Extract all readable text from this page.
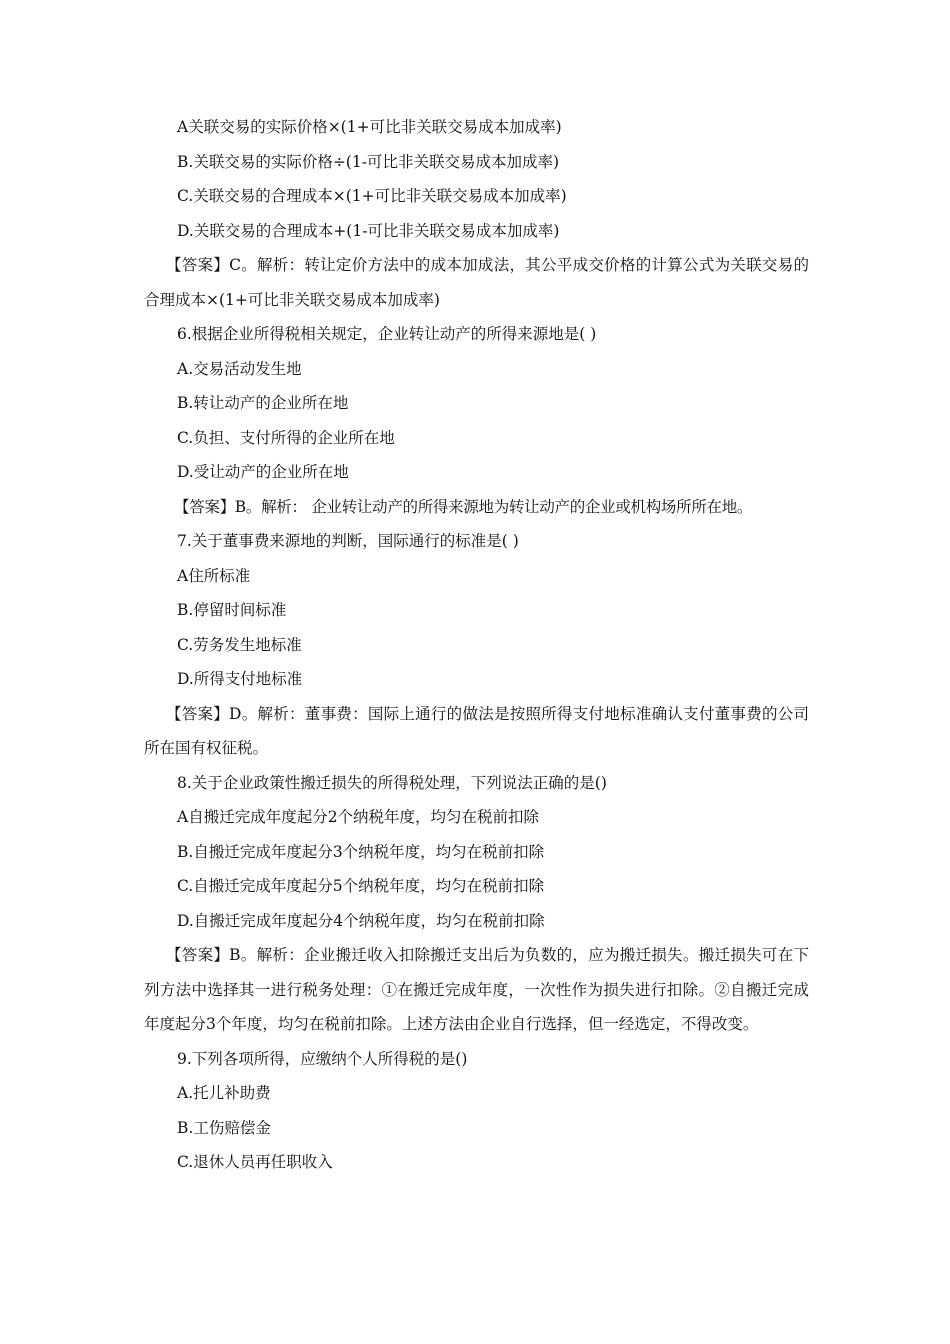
A关联交易的实际价格×(1+可比非关联交易成本加成率)
B.关联交易的实际价格÷(1-可比非关联交易成本加成率)
C.关联交易的合理成本×(1+可比非关联交易成本加成率)
D.关联交易的合理成本+(1-可比非关联交易成本加成率)
【答案】C。解析：转让定价方法中的成本加成法，其公平成交价格的计算公式为关联交易的合理成本×(1+可比非关联交易成本加成率)
6.根据企业所得税相关规定，企业转让动产的所得来源地是( )
A.交易活动发生地
B.转让动产的企业所在地
C.负担、支付所得的企业所在地
D.受让动产的企业所在地
【答案】B。解析： 企业转让动产的所得来源地为转让动产的企业或机构场所所在地。
7.关于董事费来源地的判断，国际通行的标准是( )
A住所标准
B.停留时间标准
C.劳务发生地标准
D.所得支付地标准
【答案】D。解析：董事费：国际上通行的做法是按照所得支付地标准确认支付董事费的公司所在国有权征税。
8.关于企业政策性搬迁损失的所得税处理，下列说法正确的是()
A自搬迁完成年度起分2个纳税年度，均匀在税前扣除
B.自搬迁完成年度起分3个纳税年度，均匀在税前扣除
C.自搬迁完成年度起分5个纳税年度，均匀在税前扣除
D.自搬迁完成年度起分4个纳税年度，均匀在税前扣除
【答案】B。解析：企业搬迁收入扣除搬迁支出后为负数的，应为搬迁损失。搬迁损失可在下列方法中选择其一进行税务处理：①在搬迁完成年度，一次性作为损失进行扣除。②自搬迁完成年度起分3个年度，均匀在税前扣除。上述方法由企业自行选择，但一经选定，不得改变。
9.下列各项所得，应缴纳个人所得税的是()
A.托儿补助费
B.工伤赔偿金
C.退休人员再任职收入
